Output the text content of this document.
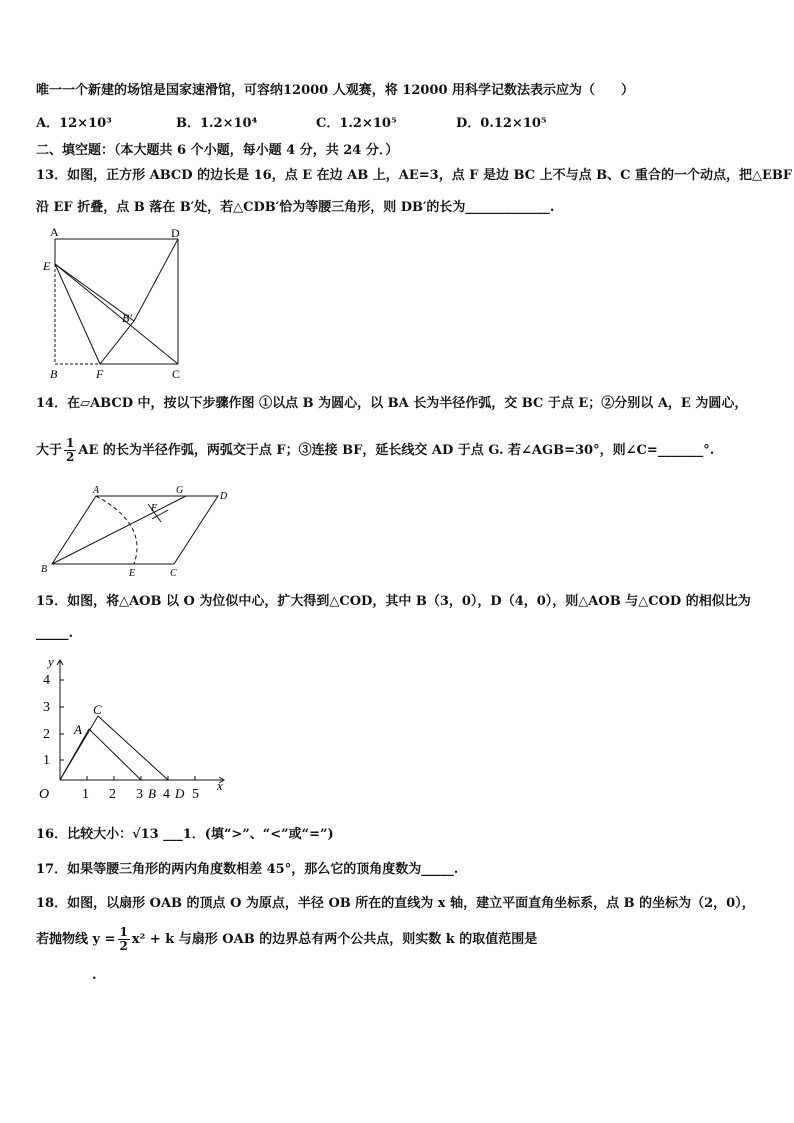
唯一一个新建的场馆是国家速滑馆，可容纳12000 人观赛，将 12000 用科学记数法表示应为（　　）
A．12×10³	B．1.2×10⁴	C．1.2×10⁵	D．0.12×10⁵
二、填空题：（本大题共 6 个小题，每小题 4 分，共 24 分．）
13．如图，正方形 ABCD 的边长是 16，点 E 在边 AB 上，AE=3，点 F 是边 BC 上不与点 B、C 重合的一个动点，把△EBF
沿 EF 折叠，点 B 落在 B′处，若△CDB′恰为等腰三角形，则 DB′的长为_____________.
A	D
E
B′
B	F	C
14．在▱ABCD 中，按以下步骤作图 ①以点 B 为圆心，以 BA 长为半径作弧，交 BC 于点 E；②分别以 A，E 为圆心，
大于 $\frac{1}{2}$ AE 的长为半径作弧，两弧交于点 F；③连接 BF，延长线交 AD 于点 G. 若∠AGB=30°，则∠C=_______°.
A	G
D
F
B	E	C
15．如图，将△AOB 以 O 为位似中心，扩大得到△COD，其中 B（3，0），D（4，0），则△AOB 与△COD 的相似比为
_____.
y
x
4
3
2
1
O 1 2 3 B 4 D 5
A
C
16．比较大小：√13 ___1．(填“>”、“<”或“=”)
17．如果等腰三角形的两内角度数相差 45°，那么它的顶角度数为_____.
18．如图，以扇形 OAB 的顶点 O 为原点，半径 OB 所在的直线为 x 轴，建立平面直角坐标系，点 B 的坐标为（2，0），
若抛物线 $y = \frac{1}{2} x^2 + k$ 与扇形 OAB 的边界总有两个公共点，则实数 k 的取值范围是
.
